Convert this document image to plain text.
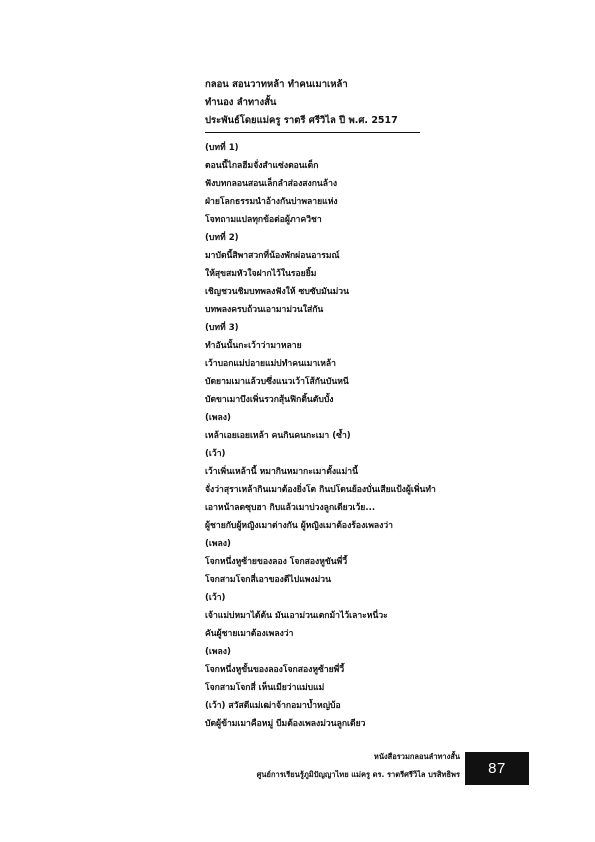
กลอน สอนวาทหล้า ทำคนเมาเหล้า
ทำนอง ลำทางสั้น
ประพันธ์โดยแม่ครู ราตรี ศรีวิไล ปี พ.ศ. 2517
(บทที่ 1)
ตอนนี้ไกลฮีมจั่งสำแซ่งตอนเด็ก
ฟังบทกลอนสอนเล็กลำส่องสงกนล้าง
ฝ่ายโลกธรรมนำอ้างกันบ่าพลายแห่ง
โจทถามแปลทุกข้อต่อผู้ภาควิชา
(บทที่ 2)
มาบัดนี้สิพาสวกที่น้องพักผ่อนอารมณ์
ให้สุขสมหัวใจฝากไว้ในรอยยิ้ม
เชิญชวนชิมบทพลงฟังให้ ซบซับมันม่วน
บทพลงครบถ้วนเอามาม่วนใส่กัน
(บทที่ 3)
ทำอันนั้นกะเว้าว่ามาหลาย
เว้าบอกแม่บ่อายแม่บ่ทำคนเมาเหล้า
บัดยามเมาแล้วบซึ่งแนวเว้าโส้กันบันหนี
บัดขาเมาบึงเพิ่นรวกสุ้นฟิกติ้นตับบั้ง
(เพลง)
เหล้าเอยเอยเหล้า คนกินคนกะเมา (ซ้ำ)
(เว้า)
เว้าเพิ่นเหล้านี้ หมากินหมากะเมาตั้งแม่านี้
จั่งว่าสุราเหล้ากินเมาต้องยิ่งโต กินบ่โดนย้องบั่นเสียแป้งผู้เพิ่นทำ
เอาหน้าลดซุบฮา กิบแล้วเมาบ่วงลูกเดียวเว้ย...
ผู้ชายกับผู้หญิงเมาต่างกัน ผู้หญิงเมาต้องร้องเพลงว่า
(เพลง)
โจกหนึ่งหูซ้ายของลอง โจกสองหูขันพี่วี้
โจกสามโจกสี่เอาของดีไปแพงม่วน
(เว้า)
เจ้าแม่บ่หมาได้ต้น มันเอาม่วนเตกม้าไว้เลาะหนี่วะ
คันผู้ชายเมาต้องเพลงว่า
(เพลง)
โจกหนึ่งหูขั้นของลองโจกสองหูซ้ายพี่วี้
โจกสามโจกสี่ เห็นเมียว่าแม่บแม่
(เว้า) สวัสดีแม่เฒ่าจ้ากอมาบ้ำหญ่บ้อ
บัดผู้ข้ามเมาคือหมู่ บีมต้องเพลงม่วนลูกเดียว
หนังสือรวมกลอนลำทางสั้น
ศูนย์การเรียนรู้ภูมิปัญญาไทย แม่ครู ดร. ราตรีศรีวิไล บรสิทธิพร 87
